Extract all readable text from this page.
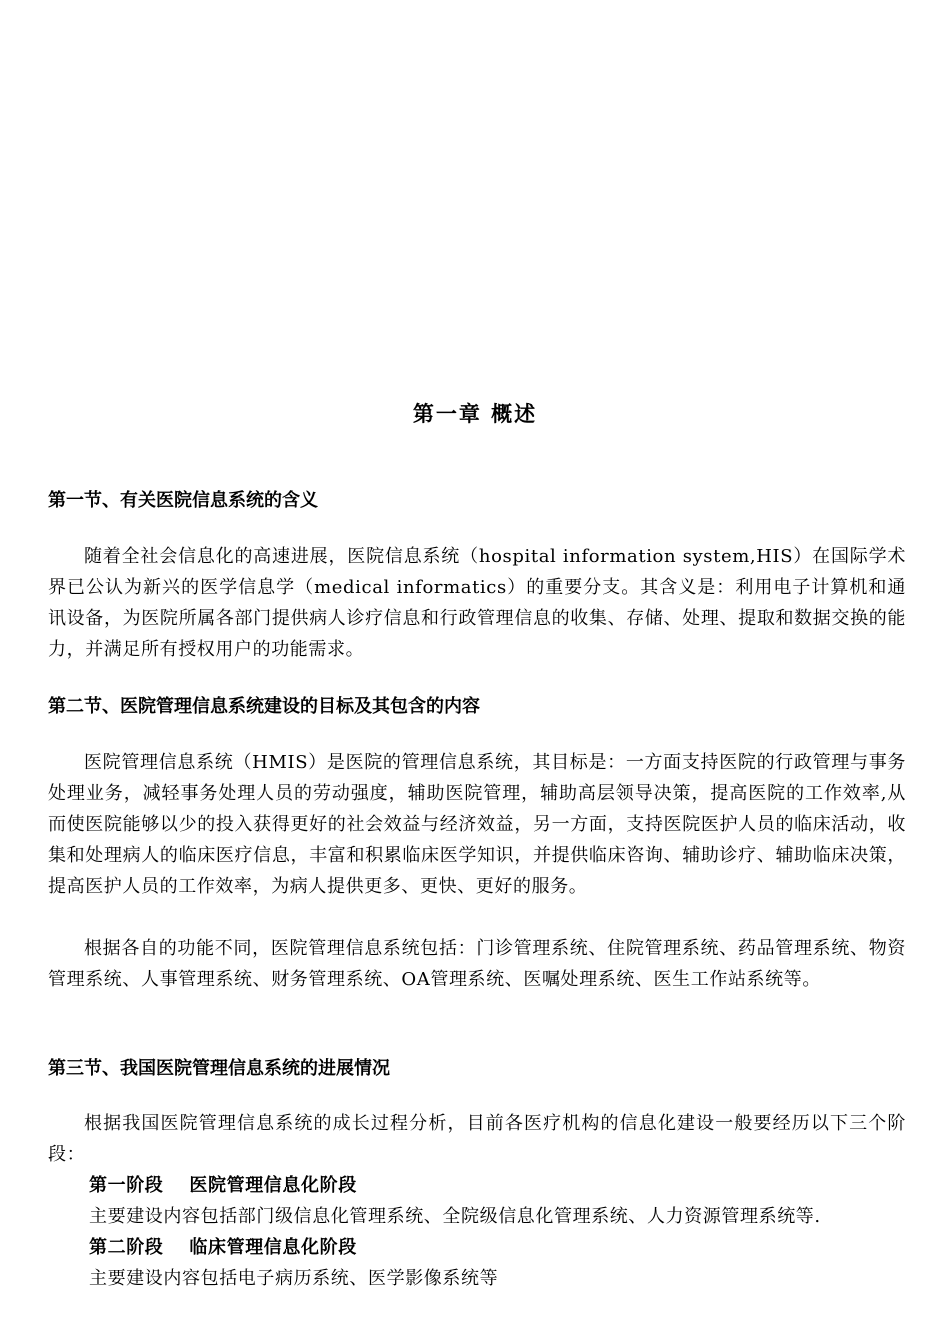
第一章 概述
第一节、有关医院信息系统的含义

随着全社会信息化的高速进展，医院信息系统（hospital information system,HIS）在国际学术界已公认为新兴的医学信息学（medical informatics）的重要分支。其含义是：利用电子计算机和通讯设备，为医院所属各部门提供病人诊疗信息和行政管理信息的收集、存储、处理、提取和数据交换的能力，并满足所有授权用户的功能需求。

第二节、医院管理信息系统建设的目标及其包含的内容

医院管理信息系统（HMIS）是医院的管理信息系统，其目标是：一方面支持医院的行政管理与事务处理业务，减轻事务处理人员的劳动强度，辅助医院管理，辅助高层领导决策，提高医院的工作效率,从而使医院能够以少的投入获得更好的社会效益与经济效益，另一方面，支持医院医护人员的临床活动，收集和处理病人的临床医疗信息，丰富和积累临床医学知识，并提供临床咨询、辅助诊疗、辅助临床决策，提高医护人员的工作效率，为病人提供更多、更快、更好的服务。

根据各自的功能不同，医院管理信息系统包括：门诊管理系统、住院管理系统、药品管理系统、物资管理系统、人事管理系统、财务管理系统、OA管理系统、医嘱处理系统、医生工作站系统等。

第三节、我国医院管理信息系统的进展情况

根据我国医院管理信息系统的成长过程分析，目前各医疗机构的信息化建设一般要经历以下三个阶段：

第一阶段 医院管理信息化阶段
主要建设内容包括部门级信息化管理系统、全院级信息化管理系统、人力资源管理系统等.
第二阶段 临床管理信息化阶段
主要建设内容包括电子病历系统、医学影像系统等
